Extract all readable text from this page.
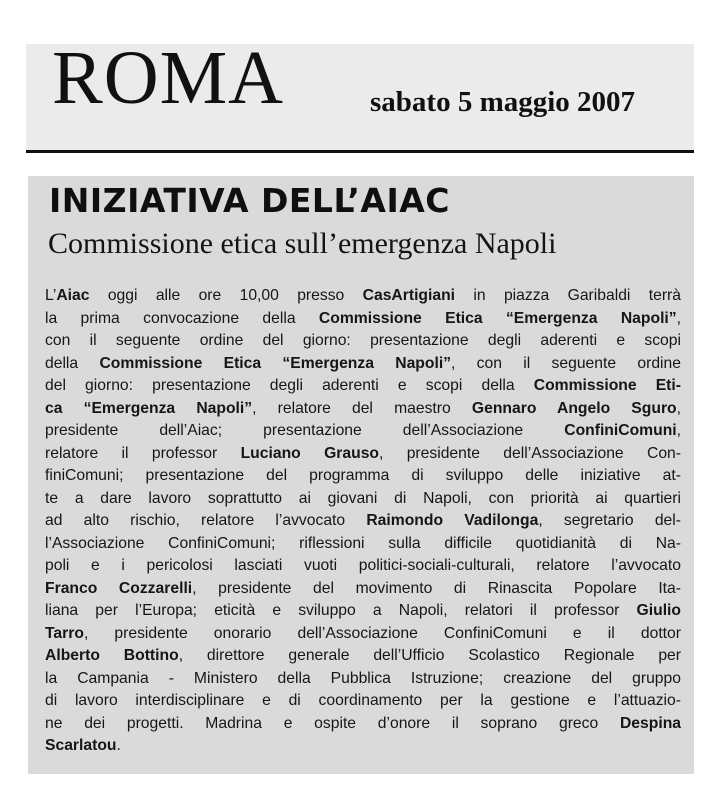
ROMA	sabato 5 maggio 2007
INIZIATIVA DELL’AIAC
Commissione etica sull’emergenza Napoli
L’Aiac oggi alle ore 10,00 presso CasArtigiani in piazza Garibaldi terrà
la prima convocazione della Commissione Etica “Emergenza Napoli”,
con il seguente ordine del giorno: presentazione degli aderenti e scopi
della Commissione Etica “Emergenza Napoli”, con il seguente ordine
del giorno: presentazione degli aderenti e scopi della Commissione Eti-
ca “Emergenza Napoli”, relatore del maestro Gennaro Angelo Sguro,
presidente dell’Aiac; presentazione dell’Associazione ConfiniComuni,
relatore il professor Luciano Grauso, presidente dell’Associazione Con-
finiComuni; presentazione del programma di sviluppo delle iniziative at-
te a dare lavoro soprattutto ai giovani di Napoli, con priorità ai quartieri
ad alto rischio, relatore l’avvocato Raimondo Vadilonga, segretario del-
l’Associazione ConfiniComuni; riflessioni sulla difficile quotidianità di Na-
poli e i pericolosi lasciati vuoti politici-sociali-culturali, relatore l’avvocato
Franco Cozzarelli, presidente del movimento di Rinascita Popolare Ita-
liana per l’Europa; eticità e sviluppo a Napoli, relatori il professor Giulio
Tarro, presidente onorario dell’Associazione ConfiniComuni e il dottor
Alberto Bottino, direttore generale dell’Ufficio Scolastico Regionale per
la Campania - Ministero della Pubblica Istruzione; creazione del gruppo
di lavoro interdisciplinare e di coordinamento per la gestione e l’attuazio-
ne dei progetti. Madrina e ospite d’onore il soprano greco Despina
Scarlatou.
